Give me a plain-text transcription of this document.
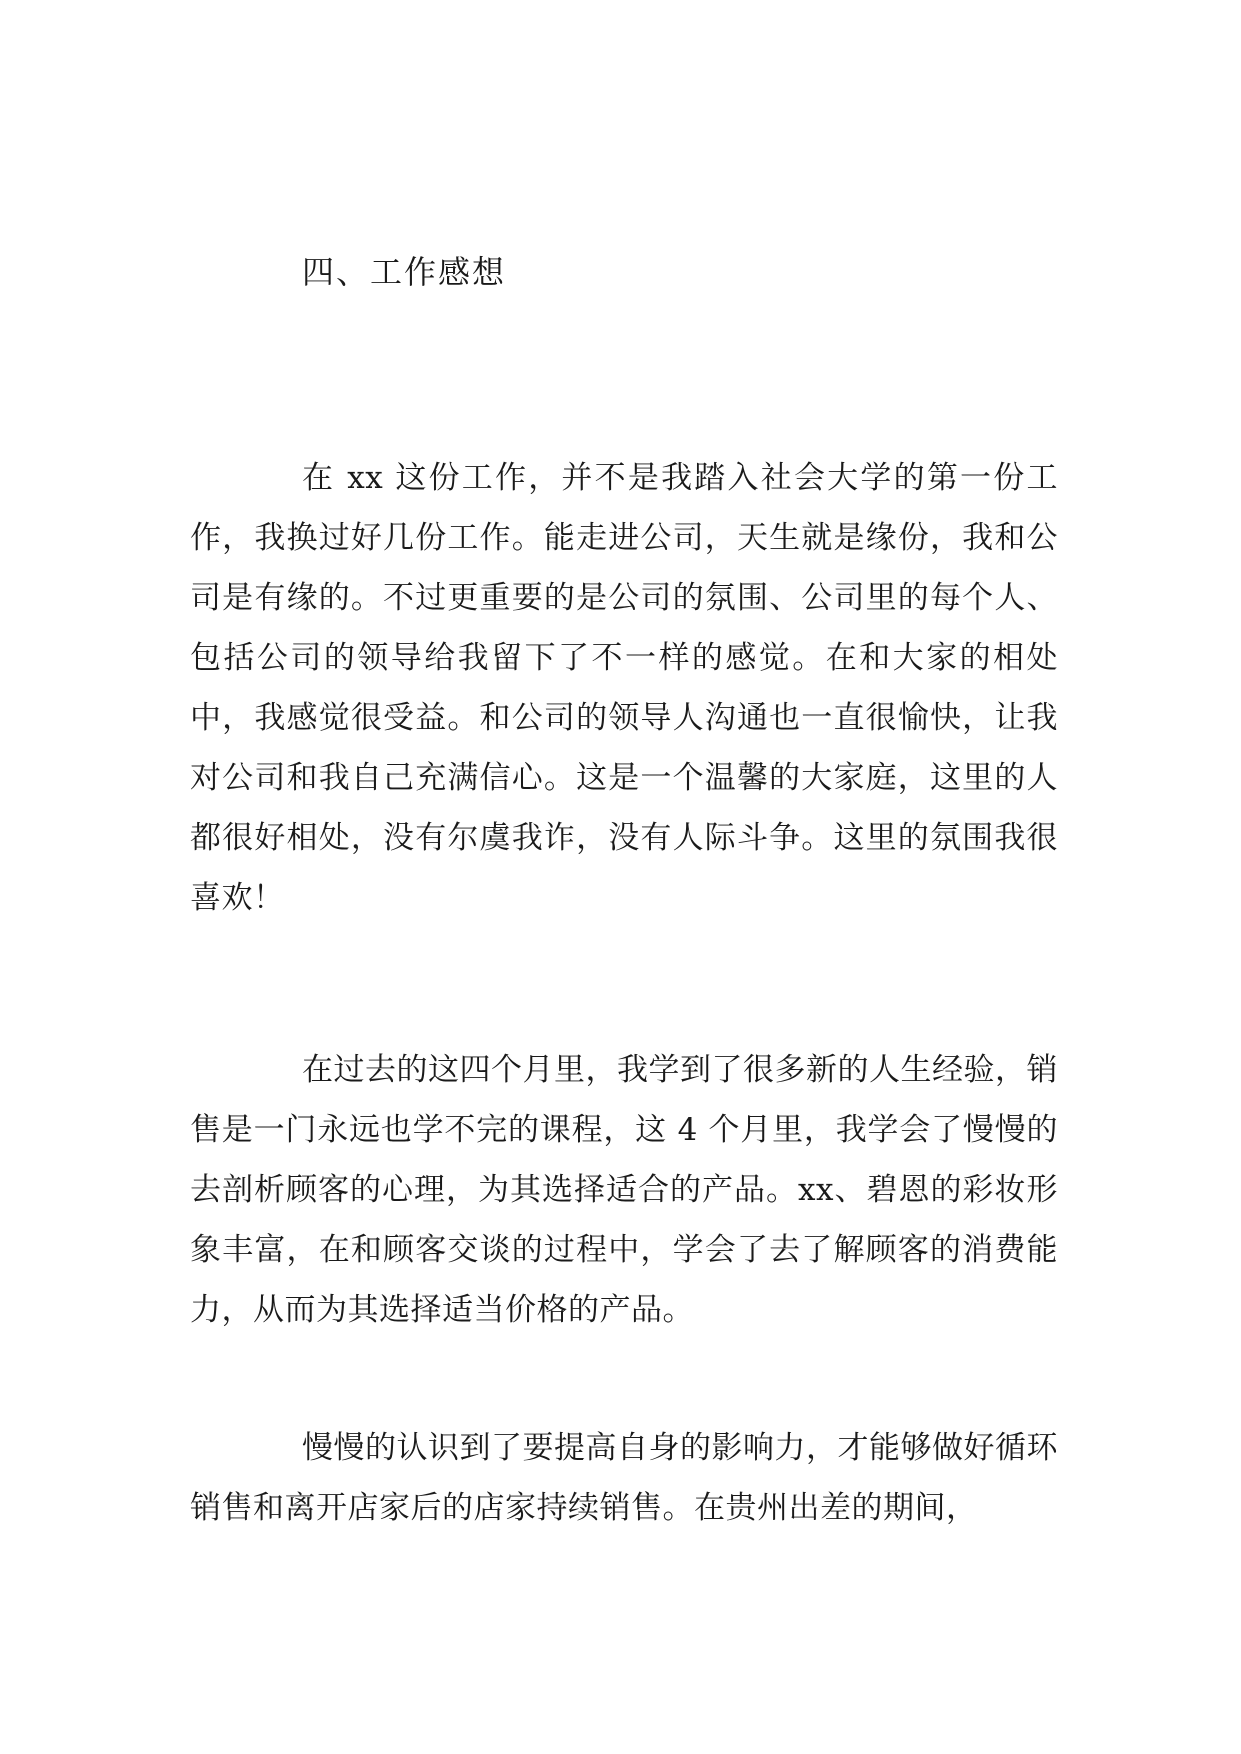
四、工作感想

在 xx 这份工作，并不是我踏入社会大学的第一份工作，我换过好几份工作。能走进公司，天生就是缘份，我和公司是有缘的。不过更重要的是公司的氛围、公司里的每个人、包括公司的领导给我留下了不一样的感觉。在和大家的相处中，我感觉很受益。和公司的领导人沟通也一直很愉快，让我对公司和我自己充满信心。这是一个温馨的大家庭，这里的人都很好相处，没有尔虞我诈，没有人际斗争。这里的氛围我很喜欢！

在过去的这四个月里，我学到了很多新的人生经验，销售是一门永远也学不完的课程，这 4 个月里，我学会了慢慢的去剖析顾客的心理，为其选择适合的产品。xx、碧恩的彩妆形象丰富，在和顾客交谈的过程中，学会了去了解顾客的消费能力，从而为其选择适当价格的产品。

慢慢的认识到了要提高自身的影响力，才能够做好循环销售和离开店家后的店家持续销售。在贵州出差的期间，
